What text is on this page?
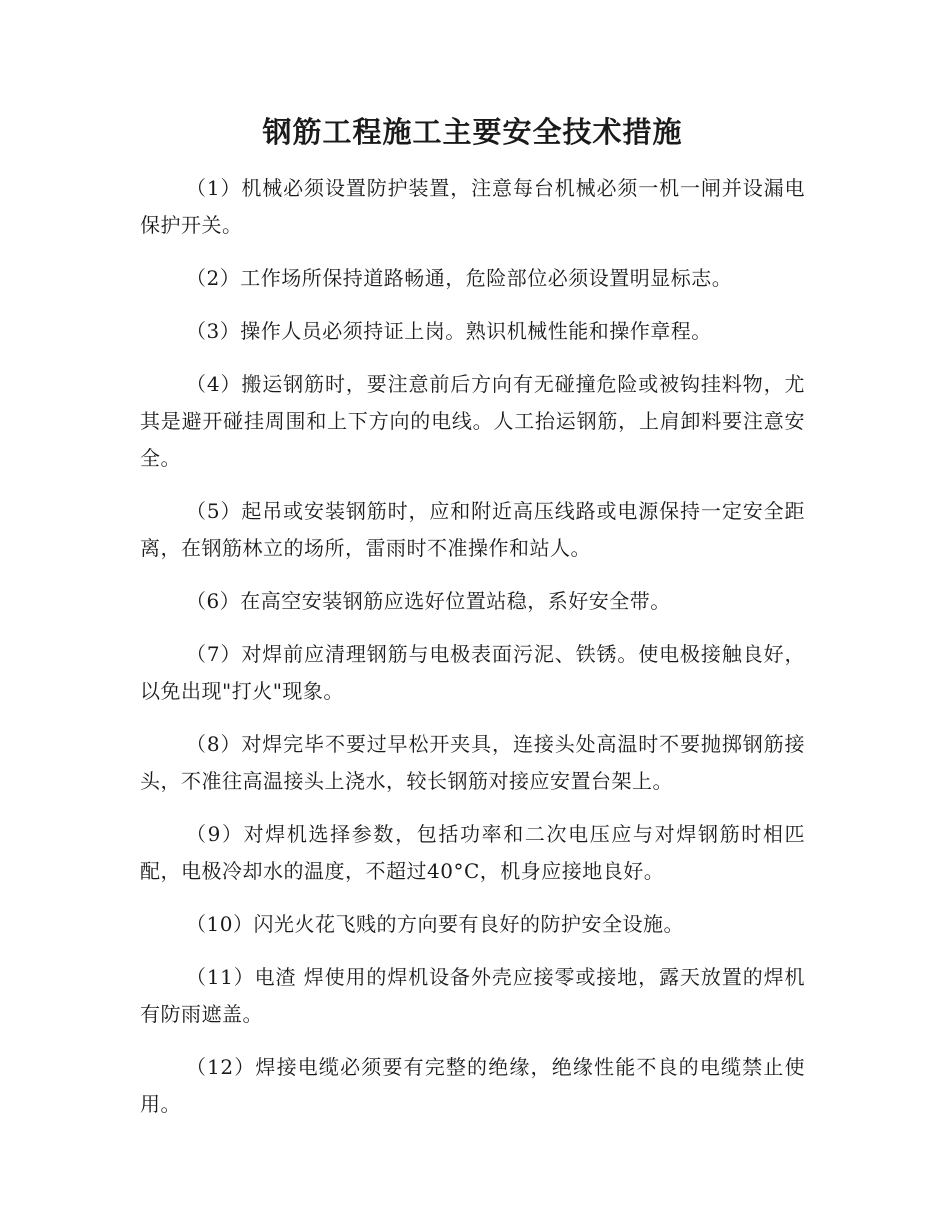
钢筋工程施工主要安全技术措施

（1）机械必须设置防护装置，注意每台机械必须一机一闸并设漏电保护开关。

（2）工作场所保持道路畅通，危险部位必须设置明显标志。

（3）操作人员必须持证上岗。熟识机械性能和操作章程。

（4）搬运钢筋时，要注意前后方向有无碰撞危险或被钩挂料物，尤其是避开碰挂周围和上下方向的电线。人工抬运钢筋，上肩卸料要注意安全。

（5）起吊或安装钢筋时，应和附近高压线路或电源保持一定安全距离，在钢筋林立的场所，雷雨时不准操作和站人。

（6）在高空安装钢筋应选好位置站稳，系好安全带。

（7）对焊前应清理钢筋与电极表面污泥、铁锈。使电极接触良好，以免出现"打火"现象。

（8）对焊完毕不要过早松开夹具，连接头处高温时不要抛掷钢筋接头，不准往高温接头上浇水，较长钢筋对接应安置台架上。

（9）对焊机选择参数，包括功率和二次电压应与对焊钢筋时相匹配，电极冷却水的温度，不超过40°C，机身应接地良好。

（10）闪光火花飞贱的方向要有良好的防护安全设施。

（11）电渣 焊使用的焊机设备外壳应接零或接地，露天放置的焊机有防雨遮盖。

（12）焊接电缆必须要有完整的绝缘，绝缘性能不良的电缆禁止使用。
